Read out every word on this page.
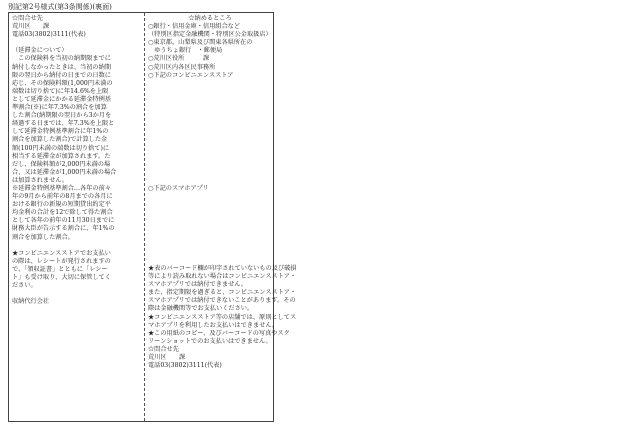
別記第2号様式(第3条関係)(裏面)
☆問合せ先
荒川区　　課
電話03(3802)3111(代表)
（延滞金について）
　この保険料を当初の納期限までに
納付しなかったときは、当初の納期
限の翌日から納付の日までの日数に
応じ、その保険料額(1,000円未満の
端数は切り捨て)に年14.6%を上限
として延滞金にかかる延滞金特例基
準割合(※)に年7.3%の割合を加算
した割合(納期限の翌日から3か月を
経過する日までは、年7.3%を上限と
して延滞金特例基準割合に年1%の
割合を加算した割合)で計算した金
額(100円未満の端数は切り捨て)に
相当する延滞金が加算されます。た
だし、保険料額が2,000円未満の場
合、又は延滞金が1,000円未満の場合
は加算されません。
※延滞金特例基準割合…各年の前々
年の9月から前年の8月までの各月に
おける銀行の新規の短期貸出約定平
均金利の合計を12で除して得た割合
として各年の前年の11月30日までに
財務大臣が告示する割合に、年1%の
割合を加算した割合。
★コンビニエンスストアでお支払い
の際は、レシートが発行されますの
で、「領収証書」とともに「レシー
ト」も受け取り、大切に保管してく
ださい。
収納代行会社
☆納めるところ
○銀行・信用金庫・信用組合など
（特別区指定金融機関・特別区公金取扱店）
○東京都、山梨県及び関東各県所在の
　ゆうちょ銀行　・郵便局
○荒川区役所　　　課
○荒川区内各区民事務所
○下記のコンビニエンスストア
○下記のスマホアプリ
★表のバーコード欄が印字されていないもの及び破損
等により読み取れない場合はコンビニエンスストア・
スマホアプリでは納付できません。
また、指定期限を過ぎると、コンビニエンスストア・
スマホアプリでは納付できないことがあります。その
際は金融機関等でお支払いください。
★コンビニエンスストア等の店舗では、原則としてス
マホアプリを利用したお支払いはできません。
★この用紙のコピー、及びバーコードの写真やスク
リーンショットでのお支払いはできません。
☆問合せ先
荒川区　　課
電話03(3802)3111(代表)
